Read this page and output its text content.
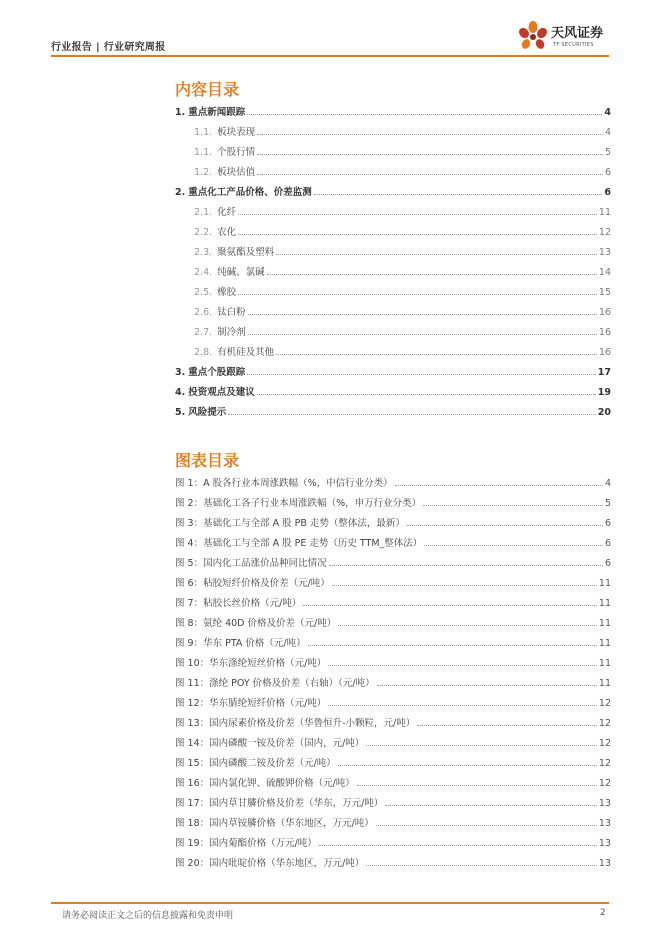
行业报告 | 行业研究周报
天风证券
TF SECURITIES
内容目录
1. 重点新闻跟踪	4
1.1. 板块表现	4
1.1. 个股行情	5
1.2. 板块估值	6
2. 重点化工产品价格、价差监测	6
2.1. 化纤	11
2.2. 农化	12
2.3. 聚氨酯及塑料	13
2.4. 纯碱、氯碱	14
2.5. 橡胶	15
2.6. 钛白粉	16
2.7. 制冷剂	16
2.8. 有机硅及其他	16
3. 重点个股跟踪	17
4. 投资观点及建议	19
5. 风险提示	20
图表目录
图 1：A 股各行业本周涨跌幅（%，中信行业分类）	4
图 2：基础化工各子行业本周涨跌幅（%，申万行业分类）	5
图 3：基础化工与全部 A 股 PB 走势（整体法，最新）	6
图 4：基础化工与全部 A 股 PE 走势（历史 TTM_整体法）	6
图 5：国内化工品涨价品种同比情况	6
图 6：粘胶短纤价格及价差（元/吨）	11
图 7：粘胶长丝价格（元/吨）	11
图 8：氨纶 40D 价格及价差（元/吨）	11
图 9：华东 PTA 价格（元/吨）	11
图 10：华东涤纶短丝价格（元/吨）	11
图 11：涤纶 POY 价格及价差（右轴）（元/吨）	11
图 12：华东腈纶短纤价格（元/吨）	12
图 13：国内尿素价格及价差（华鲁恒升-小颗粒，元/吨）	12
图 14：国内磷酸一铵及价差（国内，元/吨）	12
图 15：国内磷酸二铵及价差（元/吨）	12
图 16：国内氯化钾、硫酸钾价格（元/吨）	12
图 17：国内草甘膦价格及价差（华东，万元/吨）	13
图 18：国内草铵膦价格（华东地区，万元/吨）	13
图 19：国内菊酯价格（万元/吨）	13
图 20：国内吡啶价格（华东地区，万元/吨）	13
请务必阅读正文之后的信息披露和免责申明	2
